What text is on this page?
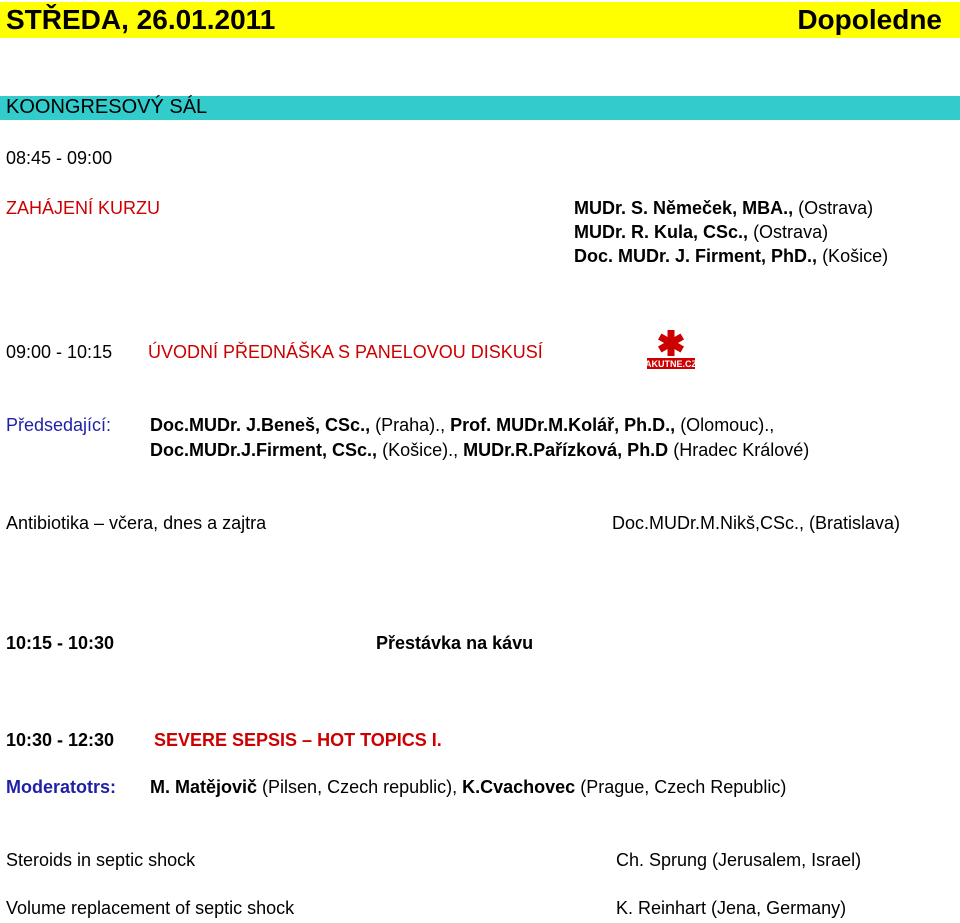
STŘEDA, 26.01.2011	Dopoledne
KOONGRESOVÝ SÁL
08:45 - 09:00
ZAHÁJENÍ KURZU	MUDr. S. Němeček, MBA., (Ostrava)
MUDr. R. Kula, CSc., (Ostrava)
Doc. MUDr. J. Firment, PhD., (Košice)
09:00 - 10:15 ÚVODNÍ PŘEDNÁŠKA S PANELOVOU DISKUSÍ
AKUTNE.CZ
Předsedající: Doc.MUDr. J.Beneš, CSc., (Praha)., Prof. MUDr.M.Kolář, Ph.D., (Olomouc).,
Doc.MUDr.J.Firment, CSc., (Košice)., MUDr.R.Pařízková, Ph.D (Hradec Králové)
Antibiotika – včera, dnes a zajtra	Doc.MUDr.M.Nikš,CSc., (Bratislava)
10:15 - 10:30	Přestávka na kávu
10:30 - 12:30 SEVERE SEPSIS – HOT TOPICS I.
Moderatotrs: M. Matějovič (Pilsen, Czech republic), K.Cvachovec (Prague, Czech Republic)
Steroids in septic shock	Ch. Sprung (Jerusalem, Israel)
Volume replacement of septic shock	K. Reinhart (Jena, Germany)
